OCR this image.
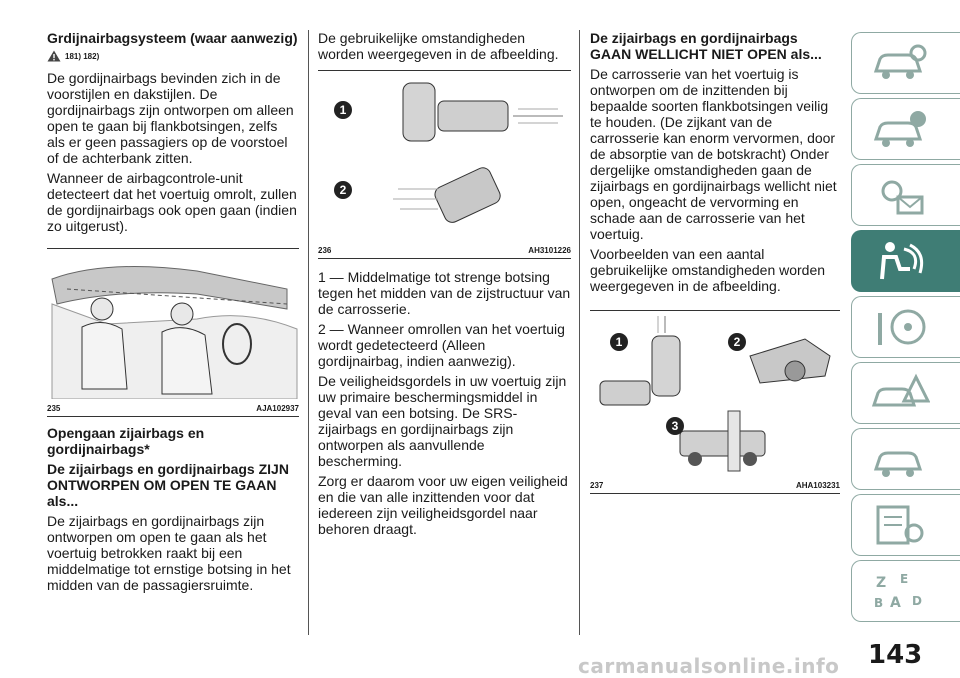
Grdijnairbagsysteem (waar aanwezig)
181) 182)

De gordijnairbags bevinden zich in de voorstijlen en dakstijlen. De gordijnairbags zijn ontworpen om alleen open te gaan bij flankbotsingen, zelfs als er geen passagiers op de voorstoel of de achterbank zitten.

Wanneer de airbagcontrole-unit detecteert dat het voertuig omrolt, zullen de gordijnairbags ook open gaan (indien zo uitgerust).

235	AJA102937
Opengaan zijairbags en gordijnairbags*
De zijairbags en gordijnairbags ZIJN ONTWORPEN OM OPEN TE GAAN als...

De zijairbags en gordijnairbags zijn ontworpen om open te gaan als het voertuig betrokken raakt bij een middelmatige tot ernstige botsing in het midden van de passagiersruimte.

De gebruikelijke omstandigheden worden weergegeven in de afbeelding.

1
2
236	AH3101226

1 — Middelmatige tot strenge botsing tegen het midden van de zijstructuur van de carrosserie.

2 — Wanneer omrollen van het voertuig wordt gedetecteerd (Alleen gordijnairbag, indien aanwezig).

De veiligheidsgordels in uw voertuig zijn uw primaire beschermingsmiddel in geval van een botsing. De SRS-zijairbags en gordijnairbags zijn ontworpen als aanvullende bescherming.

Zorg er daarom voor uw eigen veiligheid en die van alle inzittenden voor dat iedereen zijn veiligheidsgordel naar behoren draagt.

De zijairbags en gordijnairbags GAAN WELLICHT NIET OPEN als...

De carrosserie van het voertuig is ontworpen om de inzittenden bij bepaalde soorten flankbotsingen veilig te houden. (De zijkant van de carrosserie kan enorm vervormen, door de absorptie van de botskracht) Onder dergelijke omstandigheden gaan de zijairbags en gordijnairbags wellicht niet open, ongeacht de vervorming en schade aan de carrosserie van het voertuig.

Voorbeelden van een aantal gebruikelijke omstandigheden worden weergegeven in de afbeelding.

1	2
3
237	AHA103231
Z E
B A D
143
carmanualsonline.info
